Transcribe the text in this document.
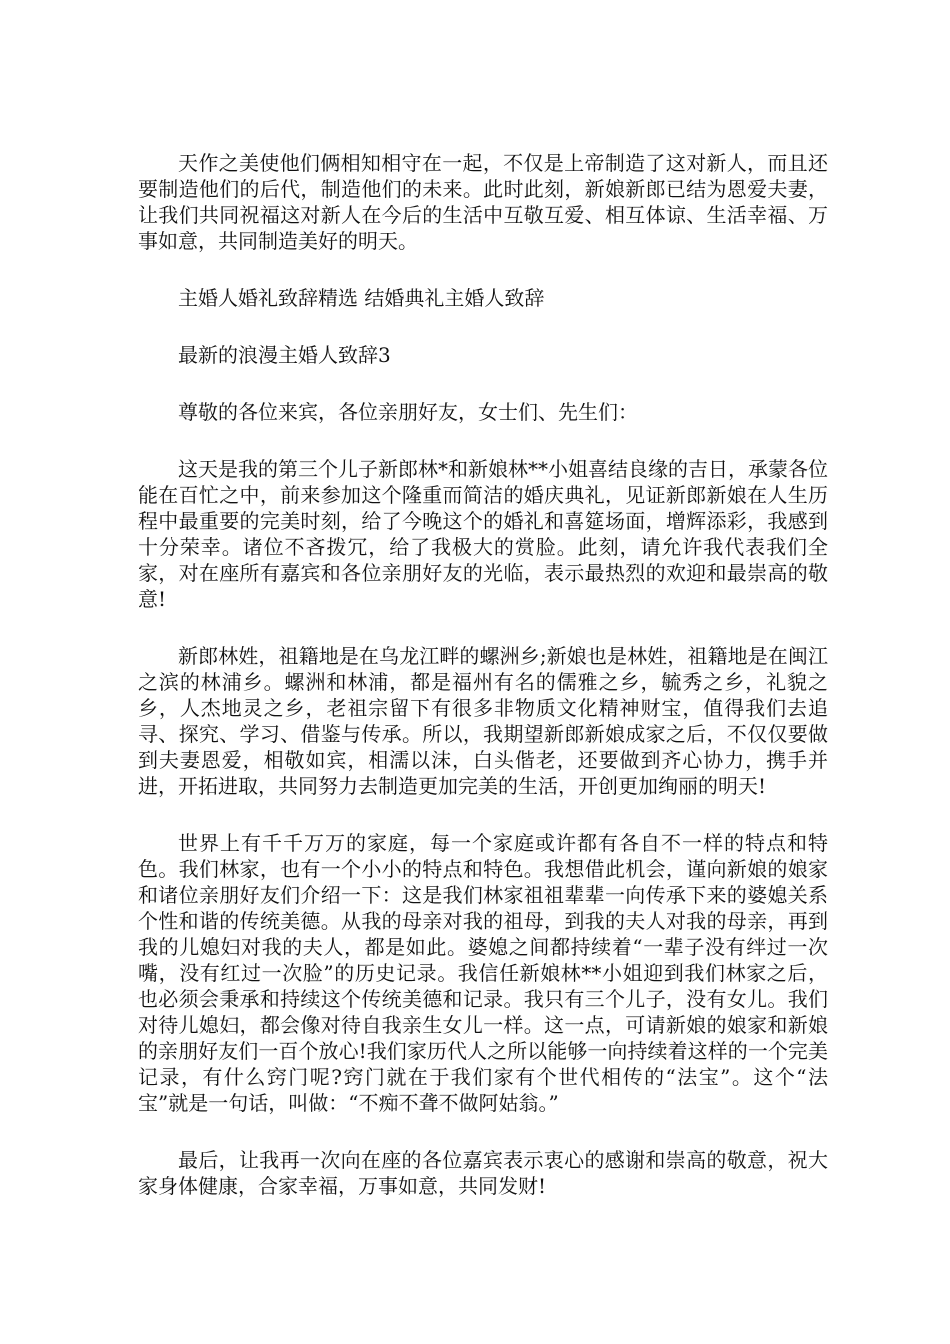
天作之美使他们俩相知相守在一起，不仅是上帝制造了这对新人，而且还要制造他们的后代，制造他们的未来。此时此刻，新娘新郎已结为恩爱夫妻，让我们共同祝福这对新人在今后的生活中互敬互爱、相互体谅、生活幸福、万事如意，共同制造美好的明天。

主婚人婚礼致辞精选 结婚典礼主婚人致辞

最新的浪漫主婚人致辞3

尊敬的各位来宾，各位亲朋好友，女士们、先生们：

这天是我的第三个儿子新郎林*和新娘林**小姐喜结良缘的吉日，承蒙各位能在百忙之中，前来参加这个隆重而简洁的婚庆典礼，见证新郎新娘在人生历程中最重要的完美时刻，给了今晚这个的婚礼和喜筵场面，增辉添彩，我感到十分荣幸。诸位不吝拨冗，给了我极大的赏脸。此刻，请允许我代表我们全家，对在座所有嘉宾和各位亲朋好友的光临，表示最热烈的欢迎和最崇高的敬意!

新郎林姓，祖籍地是在乌龙江畔的螺洲乡;新娘也是林姓，祖籍地是在闽江之滨的林浦乡。螺洲和林浦，都是福州有名的儒雅之乡，毓秀之乡，礼貌之乡，人杰地灵之乡，老祖宗留下有很多非物质文化精神财宝，值得我们去追寻、探究、学习、借鉴与传承。所以，我期望新郎新娘成家之后，不仅仅要做到夫妻恩爱，相敬如宾，相濡以沫，白头偕老，还要做到齐心协力，携手并进，开拓进取，共同努力去制造更加完美的生活，开创更加绚丽的明天!

世界上有千千万万的家庭，每一个家庭或许都有各自不一样的特点和特色。我们林家，也有一个小小的特点和特色。我想借此机会，谨向新娘的娘家和诸位亲朋好友们介绍一下：这是我们林家祖祖辈辈一向传承下来的婆媳关系个性和谐的传统美德。从我的母亲对我的祖母，到我的夫人对我的母亲，再到我的儿媳妇对我的夫人，都是如此。婆媳之间都持续着“一辈子没有绊过一次嘴，没有红过一次脸”的历史记录。我信任新娘林**小姐迎到我们林家之后，也必须会秉承和持续这个传统美德和记录。我只有三个儿子，没有女儿。我们对待儿媳妇，都会像对待自我亲生女儿一样。这一点，可请新娘的娘家和新娘的亲朋好友们一百个放心!我们家历代人之所以能够一向持续着这样的一个完美记录，有什么窍门呢?窍门就在于我们家有个世代相传的“法宝”。这个“法宝”就是一句话，叫做：“不痴不聋不做阿姑翁。”

最后，让我再一次向在座的各位嘉宾表示衷心的感谢和崇高的敬意，祝大家身体健康，合家幸福，万事如意，共同发财!
